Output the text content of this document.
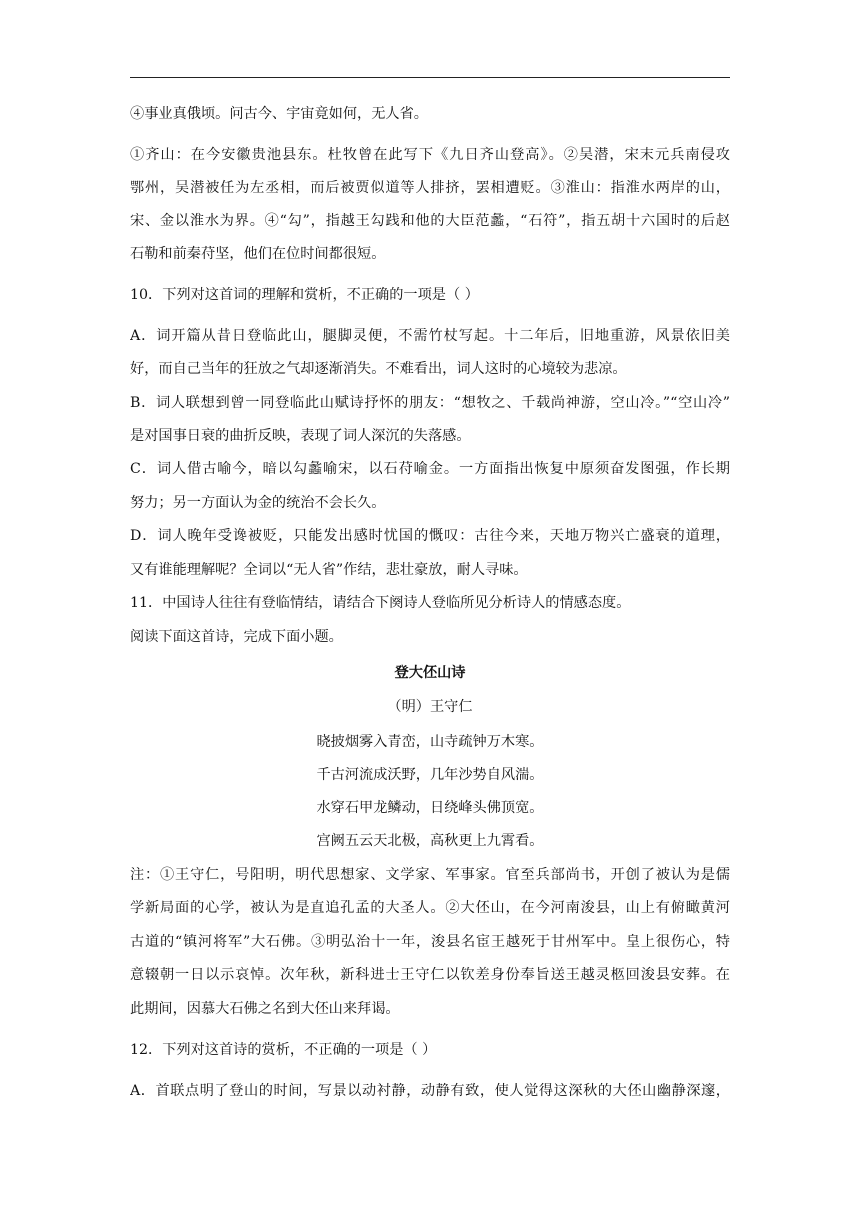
④事业真俄顷。问古今、宇宙竟如何，无人省。
①齐山：在今安徽贵池县东。杜牧曾在此写下《九日齐山登高》。②吴潜，宋末元兵南侵攻
鄂州，吴潜被任为左丞相，而后被贾似道等人排挤，罢相遭贬。③淮山：指淮水两岸的山，
宋、金以淮水为界。④“勾”，指越王勾践和他的大臣范蠡，“石符”，指五胡十六国时的后赵
石勒和前秦苻坚，他们在位时间都很短。
10．下列对这首词的理解和赏析，不正确的一项是（ ）
A．词开篇从昔日登临此山，腿脚灵便，不需竹杖写起。十二年后，旧地重游，风景依旧美
好，而自己当年的狂放之气却逐渐消失。不难看出，词人这时的心境较为悲凉。
B．词人联想到曾一同登临此山赋诗抒怀的朋友：“想牧之、千载尚神游，空山冷。”“空山冷”
是对国事日衰的曲折反映，表现了词人深沉的失落感。
C．词人借古喻今，暗以勾蠡喻宋，以石苻喻金。一方面指出恢复中原须奋发图强，作长期
努力；另一方面认为金的统治不会长久。
D．词人晚年受谗被贬，只能发出感时忧国的慨叹：古往今来，天地万物兴亡盛衰的道理，
又有谁能理解呢？全词以“无人省”作结，悲壮豪放，耐人寻味。
11．中国诗人往往有登临情结，请结合下阕诗人登临所见分析诗人的情感态度。
阅读下面这首诗，完成下面小题。
登大伾山诗
（明）王守仁
晓披烟雾入青峦，山寺疏钟万木寒。
千古河流成沃野，几年沙势自风湍。
水穿石甲龙鳞动，日绕峰头佛顶宽。
宫阙五云天北极，高秋更上九霄看。
注：①王守仁，号阳明，明代思想家、文学家、军事家。官至兵部尚书，开创了被认为是儒
学新局面的心学，被认为是直追孔孟的大圣人。②大伾山，在今河南浚县，山上有俯瞰黄河
古道的“镇河将军”大石佛。③明弘治十一年，浚县名宦王越死于甘州军中。皇上很伤心，特
意辍朝一日以示哀悼。次年秋，新科进士王守仁以钦差身份奉旨送王越灵柩回浚县安葬。在
此期间，因慕大石佛之名到大伾山来拜谒。
12．下列对这首诗的赏析，不正确的一项是（ ）
A．首联点明了登山的时间，写景以动衬静，动静有致，使人觉得这深秋的大伾山幽静深邃，
